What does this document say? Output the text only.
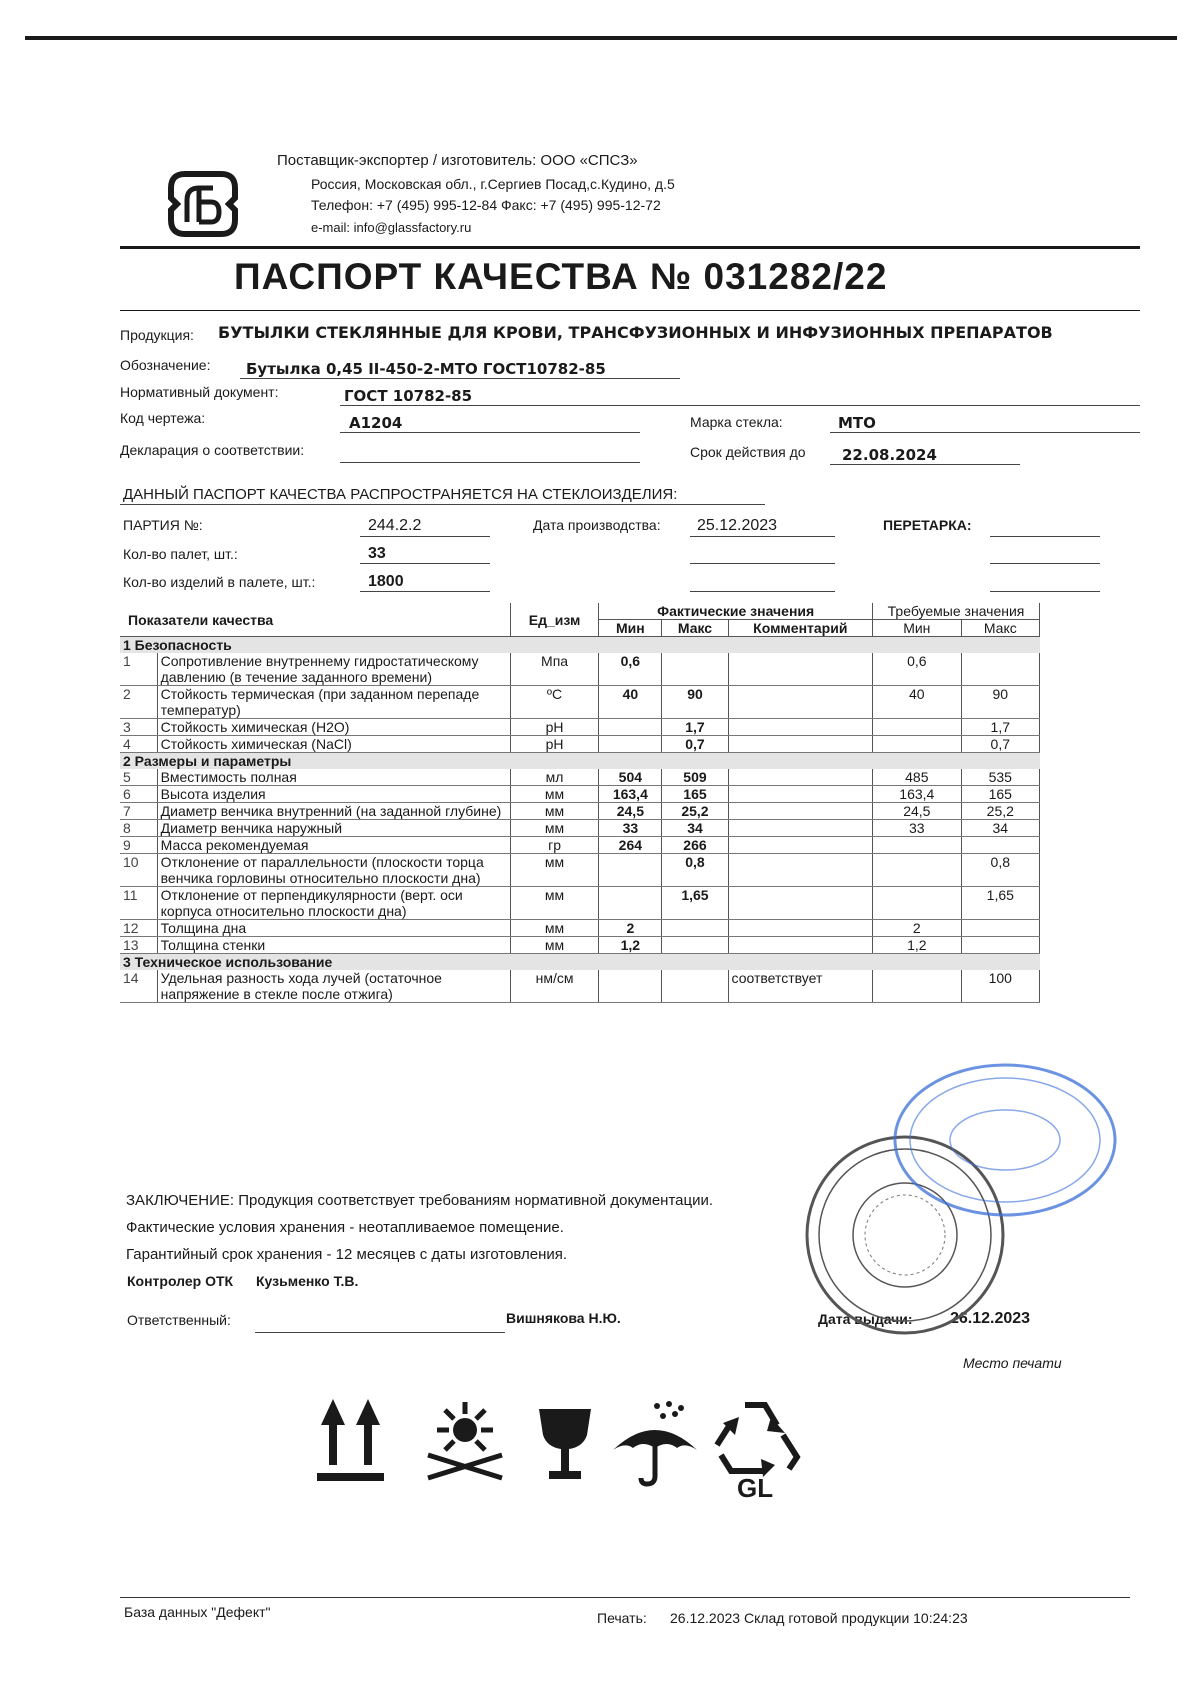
Поставщик-экспортер / изготовитель: ООО «СПСЗ»
Россия, Московская обл., г.Сергиев Посад,с.Кудино, д.5
Телефон: +7 (495) 995-12-84 Факс: +7 (495) 995-12-72
e-mail: info@glassfactory.ru
ПАСПОРТ КАЧЕСТВА № 031282/22
Продукция: БУТЫЛКИ СТЕКЛЯННЫЕ ДЛЯ КРОВИ, ТРАНСФУЗИОННЫХ И ИНФУЗИОННЫХ ПРЕПАРАТОВ
Обозначение: Бутылка 0,45 II-450-2-МТО ГОСТ10782-85
Нормативный документ:	ГОСТ 10782-85
Код чертежа:	А1204	Марка стекла:	МТО
Декларация о соответствии:	Срок действия до 22.08.2024
ДАННЫЙ ПАСПОРТ КАЧЕСТВА РАСПРОСТРАНЯЕТСЯ НА СТЕКЛОИЗДЕЛИЯ:
ПАРТИЯ №:	244.2.2	Дата производства: 25.12.2023	ПЕРЕТАРКА:
Кол-во палет, шт.:	33
Кол-во изделий в палете, шт.:	1800
Показатели качества		Ед_изм	Фактические значения			Требуемые значения	
			Мин	Макс	Комментарий	Мин	Макс
1 Безопасность							
1	Сопротивление внутреннему гидростатическому давлению (в течение заданного времени)	Мпа	0,6			0,6	
2	Стойкость термическая (при заданном перепаде температур)	ºС	40	90		40	90
3	Стойкость химическая (H2O)	pH		1,7			1,7
4	Стойкость химическая (NaCl)	pH		0,7			0,7
2 Размеры и параметры							
5	Вместимость полная	мл	504	509		485	535
6	Высота изделия	мм	163,4	165		163,4	165
7	Диаметр венчика внутренний (на заданной глубине)	мм	24,5	25,2		24,5	25,2
8	Диаметр венчика наружный	мм	33	34		33	34
9	Масса рекомендуемая	гр	264	266			
10	Отклонение от параллельности (плоскости торца венчика горловины относительно плоскости дна)	мм		0,8			0,8
11	Отклонение от перпендикулярности (верт. оси корпуса относительно плоскости дна)	мм		1,65			1,65
12	Толщина дна	мм	2			2	
13	Толщина стенки	мм	1,2			1,2	
3 Техническое использование							
14	Удельная разность хода лучей (остаточное напряжение в стекле после отжига)	нм/см			соответствует		100
ЗАКЛЮЧЕНИЕ: Продукция соответствует требованиям нормативной документации.
Фактические условия хранения - неотапливаемое помещение.
Гарантийный срок хранения - 12 месяцев с даты изготовления.
Контролер ОТК Кузьменко Т.В.
Ответственный:	Вишнякова Н.Ю.	Дата выдачи: 26.12.2023
Место печати
GL
База данных "Дефект"	Печать: 26.12.2023 Склад готовой продукции 10:24:23
